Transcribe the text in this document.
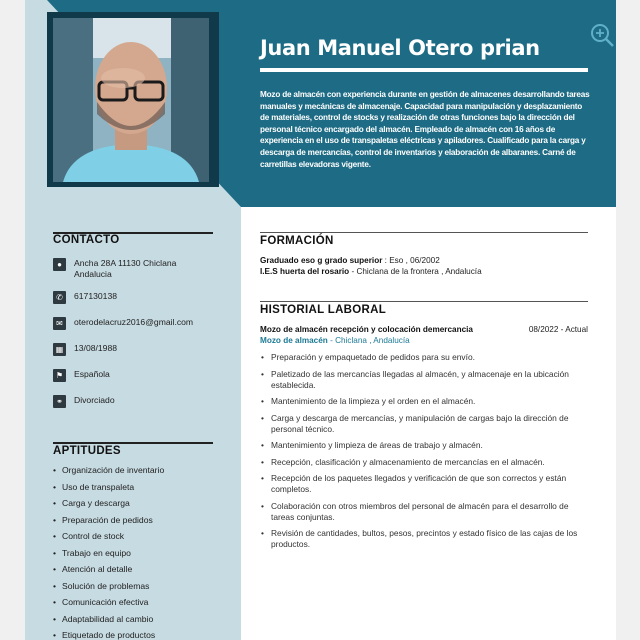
Juan Manuel Otero prian
Mozo de almacén con experiencia durante en gestión de almacenes desarrollando tareas manuales y mecánicas de almacenaje. Capacidad para manipulación y desplazamiento de materiales, control de stocks y realización de otras funciones bajo la dirección del personal técnico encargado del almacén. Empleado de almacén con 16 años de experiencia en el uso de transpaletas eléctricas y apiladores. Cualificado para la carga y descarga de mercancías, control de inventarios y elaboración de albaranes. Carné de carretillas elevadoras vigente.
CONTACTO
●	Ancha 28A 11130 Chiclana Andalucia
✆	617130138
✉	oterodelacruz2016@gmail.com
▦	13/08/1988
⚑	Española
⚭	Divorciado
APTITUDES
• Organización de inventario
• Uso de transpaleta
• Carga y descarga
• Preparación de pedidos
• Control de stock
• Trabajo en equipo
• Atención al detalle
• Solución de problemas
• Comunicación efectiva
• Adaptabilidad al cambio
• Etiquetado de productos
FORMACIÓN
Graduado eso g grado superior : Eso , 06/2002
I.E.S huerta del rosario - Chiclana de la frontera , Andalucía
HISTORIAL LABORAL
Mozo de almacén recepción y colocación demercancia	08/2022 - Actual
Mozo de almacén - Chiclana , Andalucía
• Preparación y empaquetado de pedidos para su envío.
• Paletizado de las mercancías llegadas al almacén, y almacenaje en la ubicación establecida.
• Mantenimiento de la limpieza y el orden en el almacén.
• Carga y descarga de mercancías, y manipulación de cargas bajo la dirección de personal técnico.
• Mantenimiento y limpieza de áreas de trabajo y almacén.
• Recepción, clasificación y almacenamiento de mercancías en el almacén.
• Recepción de los paquetes llegados y verificación de que son correctos y están completos.
• Colaboración con otros miembros del personal de almacén para el desarrollo de tareas conjuntas.
• Revisión de cantidades, bultos, pesos, precintos y estado físico de las cajas de los productos.
